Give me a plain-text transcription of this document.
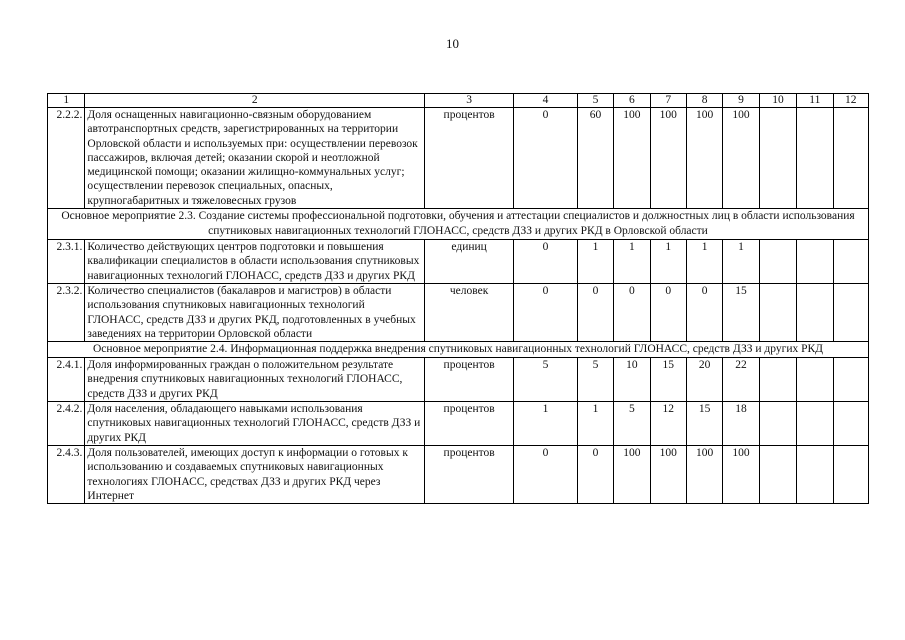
10
1	2	3	4	5	6	7	8	9	10	11	12
2.2.2.	Доля оснащенных навигационно-связным оборудованием автотранспортных средств, зарегистрированных на территории Орловской области и используемых при: осуществлении перевозок пассажиров, включая детей; оказании скорой и неотложной медицинской помощи; оказании жилищно-коммунальных услуг; осуществлении перевозок специальных, опасных, крупногабаритных и тяжеловесных грузов	процентов	0	60	100	100	100	100			
Основное мероприятие 2.3. Создание системы профессиональной подготовки, обучения и аттестации специалистов и должностных лиц в области использования спутниковых навигационных технологий ГЛОНАСС, средств ДЗЗ и других РКД в Орловской области											
2.3.1.	Количество действующих центров подготовки и повышения квалификации специалистов в области использования спутниковых навигационных технологий ГЛОНАСС, средств ДЗЗ и других РКД	единиц	0	1	1	1	1	1			
2.3.2.	Количество специалистов (бакалавров и магистров) в области использования спутниковых навигационных технологий ГЛОНАСС, средств ДЗЗ и других РКД, подготовленных в учебных заведениях на территории Орловской области	человек	0	0	0	0	0	15			
Основное мероприятие 2.4. Информационная поддержка внедрения спутниковых навигационных технологий ГЛОНАСС, средств ДЗЗ и других РКД											
2.4.1.	Доля информированных граждан о положительном результате внедрения спутниковых навигационных технологий ГЛОНАСС, средств ДЗЗ и других РКД	процентов	5	5	10	15	20	22			
2.4.2.	Доля населения, обладающего навыками использования спутниковых навигационных технологий ГЛОНАСС, средств ДЗЗ и других РКД	процентов	1	1	5	12	15	18			
2.4.3.	Доля пользователей, имеющих доступ к информации о готовых к использованию и создаваемых спутниковых навигационных технологиях ГЛОНАСС, средствах ДЗЗ и других РКД через Интернет	процентов	0	0	100	100	100	100			
